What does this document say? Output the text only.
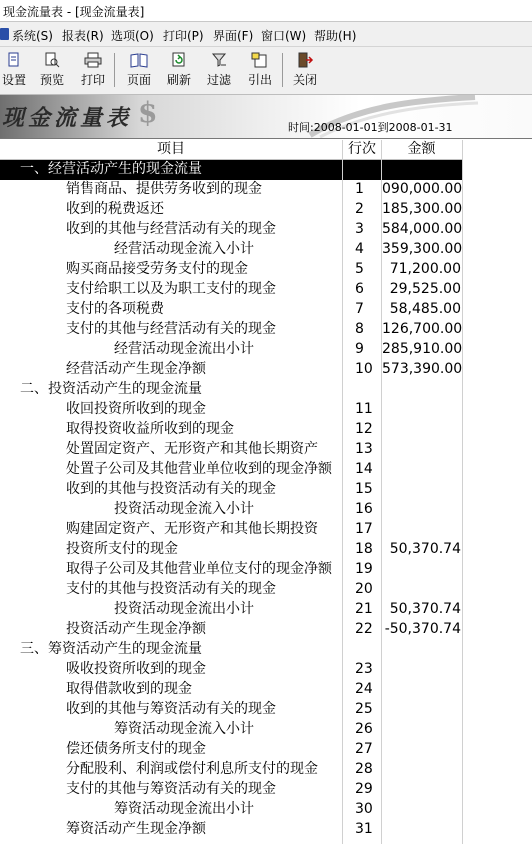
现金流量表 - [现金流量表]
系统(S) 报表(R) 选项(O) 打印(P) 界面(F) 窗口(W) 帮助(H)
设置	预览	打印	页面	刷新	过滤	引出	关闭
现金流量表 $	时间:2008-01-01到2008-01-31
项目	行次	金额
一、经营活动产生的现金流量
销售商品、提供劳务收到的现金	1	090,000.00
收到的税费返还	2	185,300.00
收到的其他与经营活动有关的现金	3	584,000.00
经营活动现金流入小计	4	359,300.00
购买商品接受劳务支付的现金	5	71,200.00
支付给职工以及为职工支付的现金	6	29,525.00
支付的各项税费	7	58,485.00
支付的其他与经营活动有关的现金	8	126,700.00
经营活动现金流出小计	9	285,910.00
经营活动产生现金净额	10 573,390.00
二、投资活动产生的现金流量
收回投资所收到的现金	11
取得投资收益所收到的现金	12
处置固定资产、无形资产和其他长期资产	13
处置子公司及其他营业单位收到的现金净额	14
收到的其他与投资活动有关的现金	15
投资活动现金流入小计	16
购建固定资产、无形资产和其他长期投资	17
投资所支付的现金	18	50,370.74
取得子公司及其他营业单位支付的现金净额	19
支付的其他与投资活动有关的现金	20
投资活动现金流出小计	21	50,370.74
投资活动产生现金净额	22 -50,370.74
三、筹资活动产生的现金流量
吸收投资所收到的现金	23
取得借款收到的现金	24
收到的其他与筹资活动有关的现金	25
筹资活动现金流入小计	26
偿还债务所支付的现金	27
分配股利、利润或偿付利息所支付的现金	28
支付的其他与筹资活动有关的现金	29
筹资活动现金流出小计	30
筹资活动产生现金净额	31
